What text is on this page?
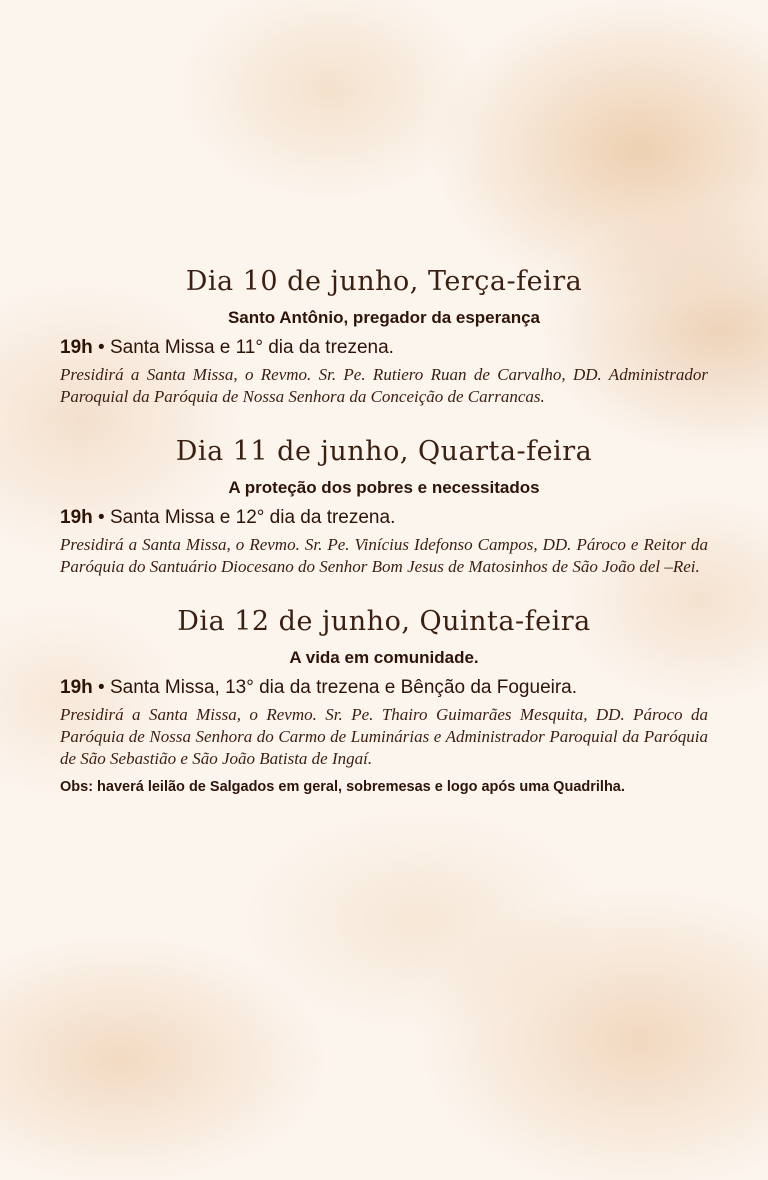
Dia 10 de junho, Terça-feira
Santo Antônio, pregador da esperança

19h • Santa Missa e 11° dia da trezena.

Presidirá a Santa Missa, o Revmo. Sr. Pe. Rutiero Ruan de Carvalho, DD. Administrador Paroquial da Paróquia de Nossa Senhora da Conceição de Carrancas.

Dia 11 de junho, Quarta-feira
A proteção dos pobres e necessitados

19h • Santa Missa e 12° dia da trezena.

Presidirá a Santa Missa, o Revmo. Sr. Pe. Vinícius Idefonso Campos, DD. Pároco e Reitor da Paróquia do Santuário Diocesano do Senhor Bom Jesus de Matosinhos de São João del –Rei.

Dia 12 de junho, Quinta-feira
A vida em comunidade.

19h • Santa Missa, 13° dia da trezena e Bênção da Fogueira.

Presidirá a Santa Missa, o Revmo. Sr. Pe. Thairo Guimarães Mesquita, DD. Pároco da Paróquia de Nossa Senhora do Carmo de Luminárias e Administrador Paroquial da Paróquia de São Sebastião e São João Batista de Ingaí.

Obs: haverá leilão de Salgados em geral, sobremesas e logo após uma Quadrilha.
